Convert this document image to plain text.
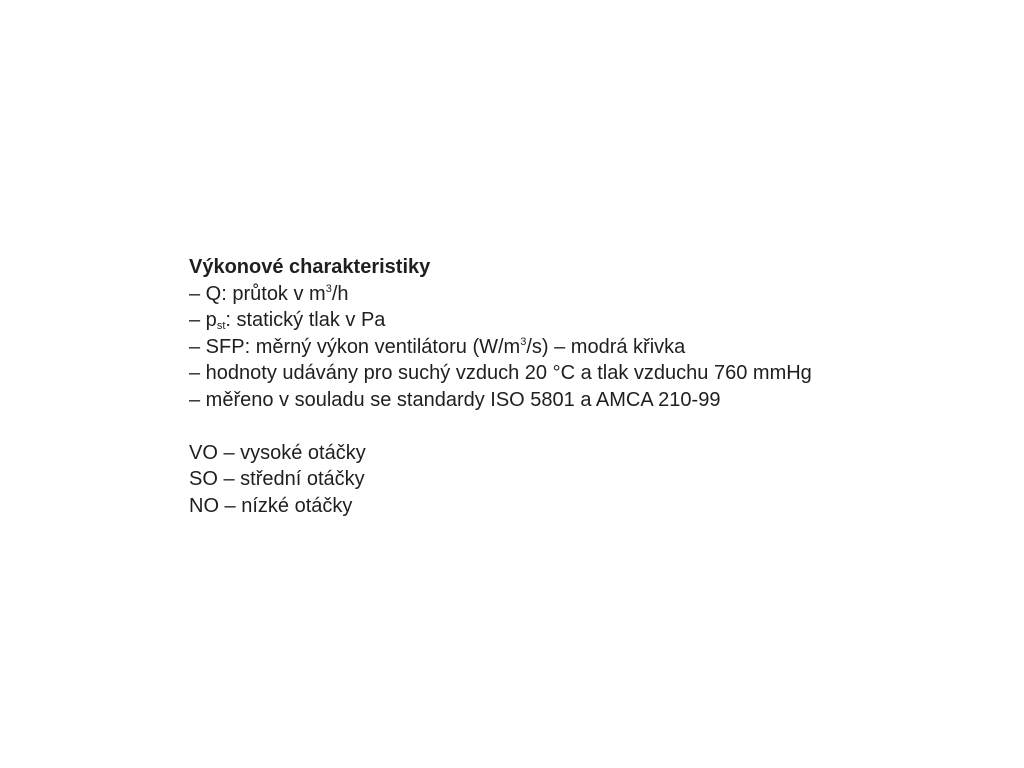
Výkonové charakteristiky
– Q: průtok v $m^3/h$
– $p_{st}$: statický tlak v Pa
– SFP: měrný výkon ventilátoru $(W/m^3/s)$ – modrá křivka
– hodnoty udávány pro suchý vzduch 20 °C a tlak vzduchu 760 mmHg
– měřeno v souladu se standardy ISO 5801 a AMCA 210-99
VO – vysoké otáčky
SO – střední otáčky
NO – nízké otáčky
